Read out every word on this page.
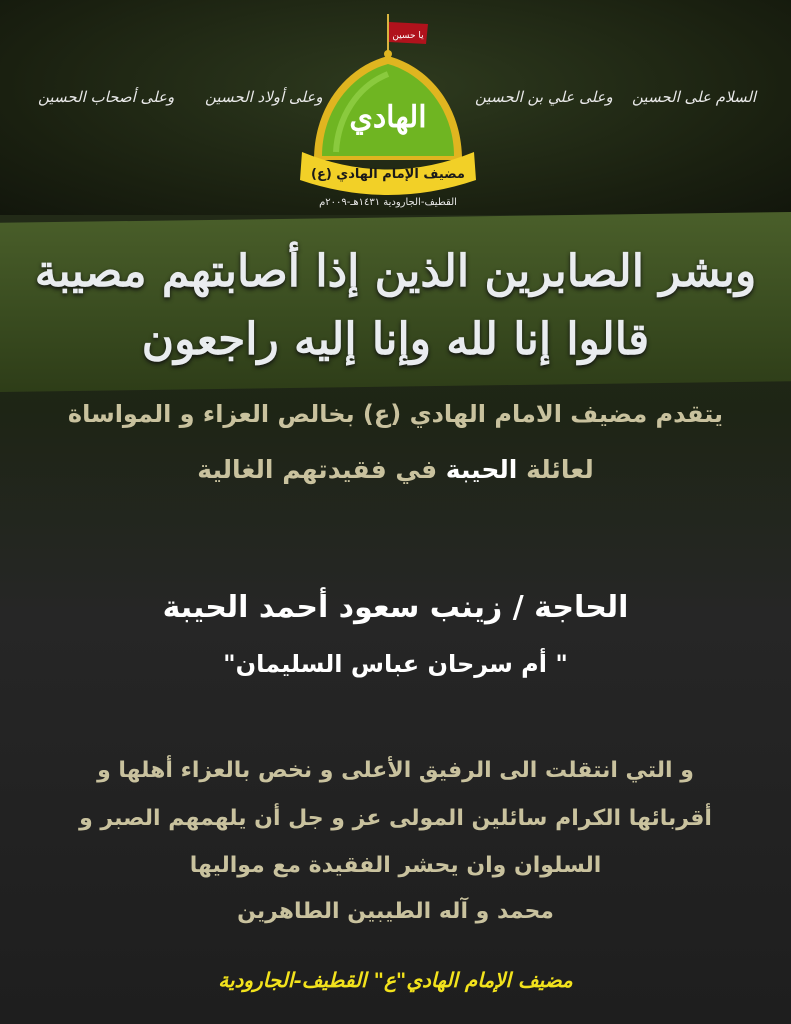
وعلى أصحاب الحسين وعلى أولاد الحسين	وعلى علي بن الحسين السلام على الحسين
يا حسين
الهادي
مضيف الإمام الهادي (ع)
القطيف-الجارودية ١٤٣١هـ-٢٠٠٩م
وبشر الصابرين الذين إذا أصابتهم مصيبة قالوا إنا لله وإنا إليه راجعون
يتقدم مضيف الامام الهادي (ع) بخالص العزاء و المواساة
لعائلة الحيبة في فقيدتهم الغالية
الحاجة / زينب سعود أحمد الحيبة
" أم سرحان عباس السليمان"
و التي انتقلت الى الرفيق الأعلى و نخص بالعزاء أهلها و
أقربائها الكرام سائلين المولى عز و جل أن يلهمهم الصبر و
السلوان وان يحشر الفقيدة مع مواليها
محمد و آله الطيبين الطاهرين
مضيف الإمام الهادي"ع" القطيف-الجارودية
